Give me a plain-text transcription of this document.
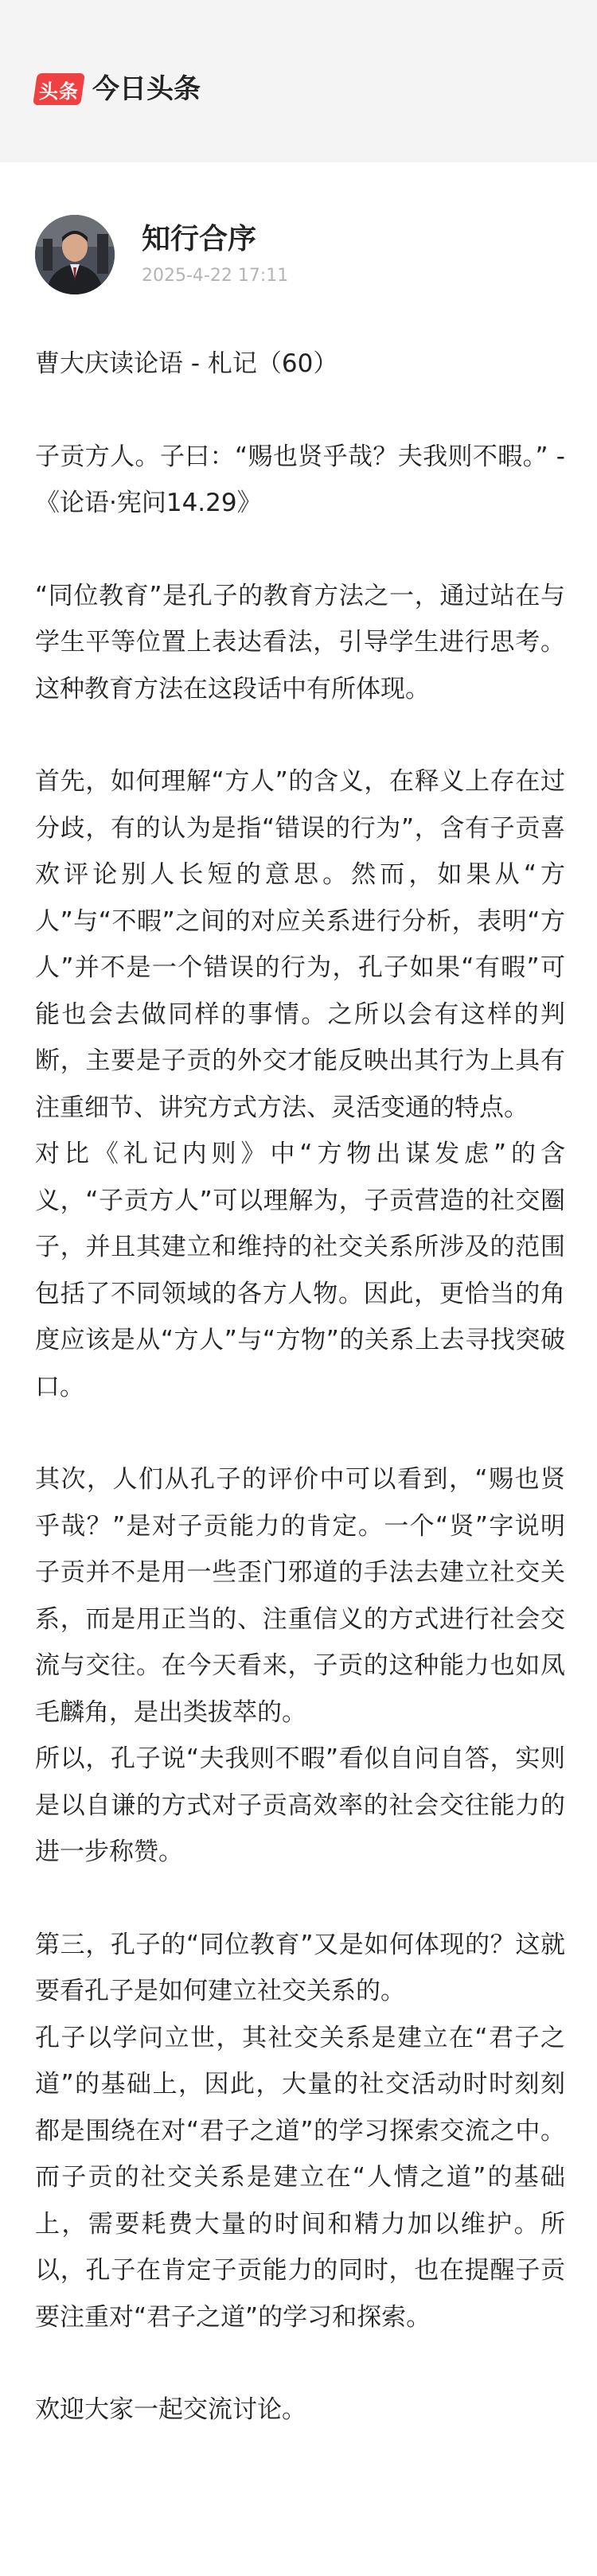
头条 今日头条
知行合序
2025-4-22 17:11

曹大庆读论语 - 札记（60）

子贡方人。子曰：“赐也贤乎哉？夫我则不暇。” - 《论语·宪问14.29》

“同位教育”是孔子的教育方法之一，通过站在与学生平等位置上表达看法，引导学生进行思考。这种教育方法在这段话中有所体现。

首先，如何理解“方人”的含义，在释义上存在过分歧，有的认为是指“错误的行为”，含有子贡喜欢评论别人长短的意思。然而，如果从“方人”与“不暇”之间的对应关系进行分析，表明“方人”并不是一个错误的行为，孔子如果“有暇”可能也会去做同样的事情。之所以会有这样的判断，主要是子贡的外交才能反映出其行为上具有注重细节、讲究方式方法、灵活变通的特点。

对比《礼记内则》中“方物出谋发虑”的含义，“子贡方人”可以理解为，子贡营造的社交圈子，并且其建立和维持的社交关系所涉及的范围包括了不同领域的各方人物。因此，更恰当的角度应该是从“方人”与“方物”的关系上去寻找突破口。

其次，人们从孔子的评价中可以看到，“赐也贤乎哉？”是对子贡能力的肯定。一个“贤”字说明子贡并不是用一些歪门邪道的手法去建立社交关系，而是用正当的、注重信义的方式进行社会交流与交往。在今天看来，子贡的这种能力也如凤毛麟角，是出类拔萃的。

所以，孔子说“夫我则不暇”看似自问自答，实则是以自谦的方式对子贡高效率的社会交往能力的进一步称赞。

第三，孔子的“同位教育”又是如何体现的？这就要看孔子是如何建立社交关系的。

孔子以学问立世，其社交关系是建立在“君子之道”的基础上，因此，大量的社交活动时时刻刻都是围绕在对“君子之道”的学习探索交流之中。而子贡的社交关系是建立在“人情之道”的基础上，需要耗费大量的时间和精力加以维护。所以，孔子在肯定子贡能力的同时，也在提醒子贡要注重对“君子之道”的学习和探索。

欢迎大家一起交流讨论。
